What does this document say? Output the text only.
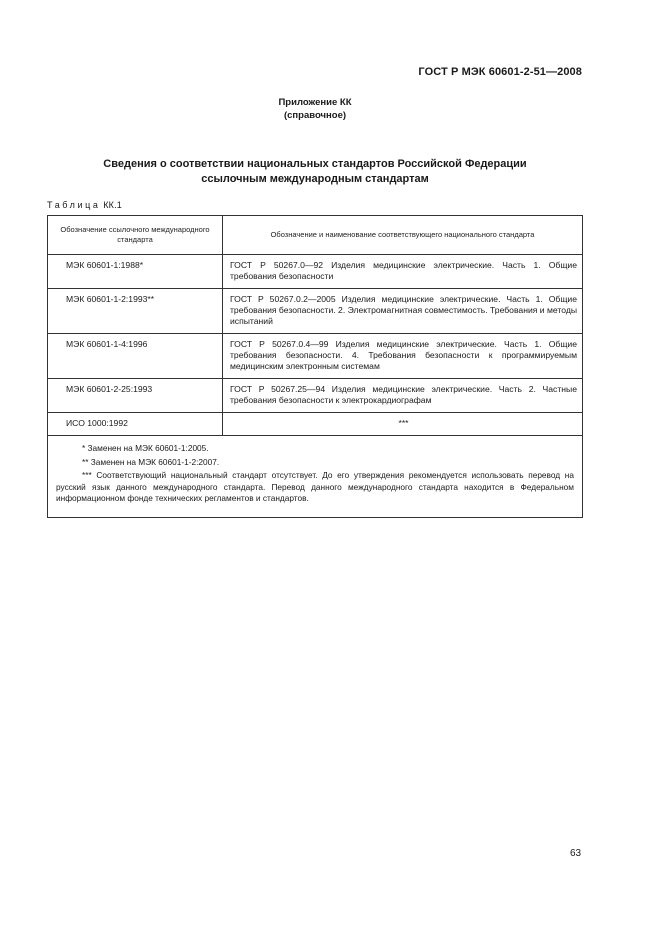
ГОСТ Р МЭК 60601-2-51—2008
Приложение КК
(справочное)
Сведения о соответствии национальных стандартов Российской Федерации
ссылочным международным стандартам
Таблица КК.1
Обозначение ссылочного международного стандарта	Обозначение и наименование соответствующего национального стандарта
МЭК 60601-1:1988*	ГОСТ Р 50267.0—92 Изделия медицинские электрические. Часть 1. Общие требования безопасности
МЭК 60601-1-2:1993**	ГОСТ Р 50267.0.2—2005 Изделия медицинские электрические. Часть 1. Общие требования безопасности. 2. Электромагнитная совместимость. Требования и методы испытаний
МЭК 60601-1-4:1996	ГОСТ Р 50267.0.4—99 Изделия медицинские электрические. Часть 1. Общие требования безопасности. 4. Требования безопасности к программируемым медицинским электронным системам
МЭК 60601-2-25:1993	ГОСТ Р 50267.25—94 Изделия медицинские электрические. Часть 2. Частные требования безопасности к электрокардиографам
ИСО 1000:1992	***

* Заменен на МЭК 60601-1:2005.

** Заменен на МЭК 60601-1-2:2007.

*** Соответствующий национальный стандарт отсутствует. До его утверждения рекомендуется использовать перевод на русский язык данного международного стандарта. Перевод данного международного стандарта находится в Федеральном информационном фонде технических регламентов и стандартов.	

63
